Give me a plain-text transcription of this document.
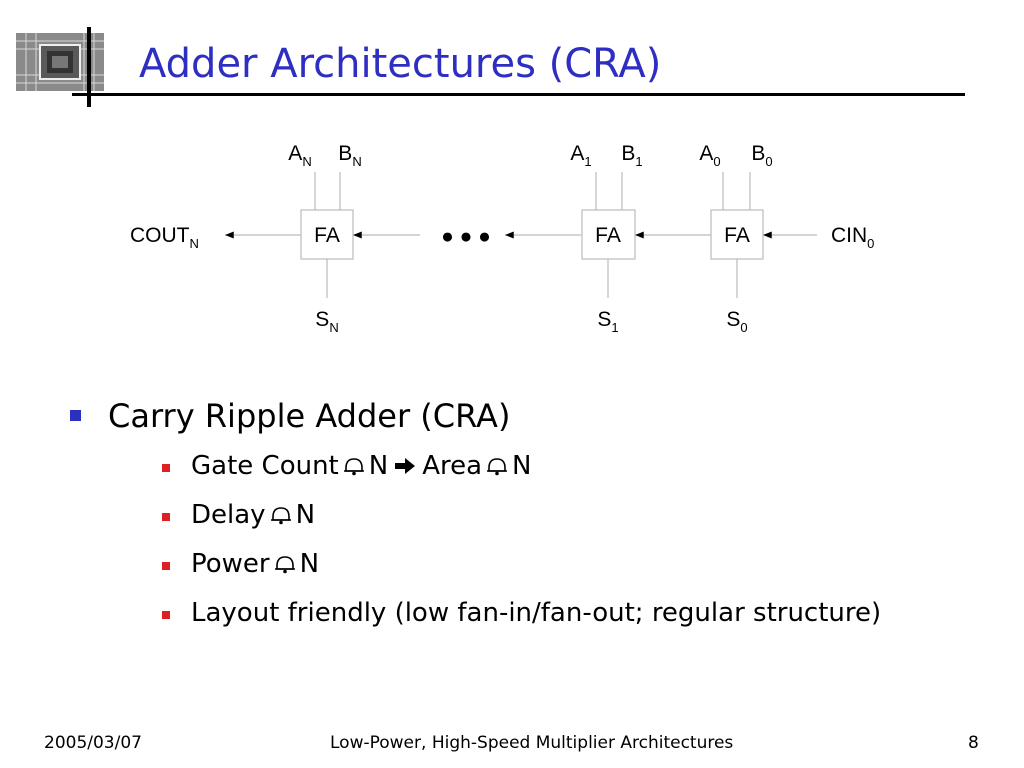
Adder Architectures (CRA)
FA	FA	FA
● ● ●
$A_N$ $B_N$	$A_1$ $B_1$	$A_0$ $B_0$
$S_N$	$S_1$	$S_0$
$COUT_N$	$CIN_0$
Carry Ripple Adder (CRA)
Gate Count N Area N
Delay N
Power N
Layout friendly (low fan-in/fan-out; regular structure)
2005/03/07	Low-Power, High-Speed Multiplier Architectures	8
